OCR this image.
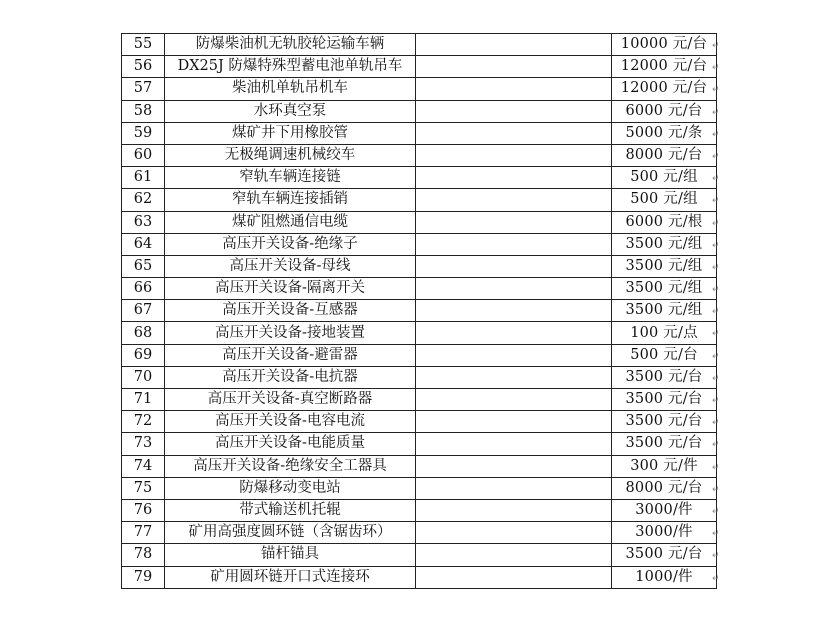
55	防爆柴油机无轨胶轮运输车辆		10000 元/台
56	DX25J 防爆特殊型蓄电池单轨吊车		12000 元/台
57	柴油机单轨吊机车		12000 元/台
58	水环真空泵		6000 元/台
59	煤矿井下用橡胶管		5000 元/条
60	无极绳调速机械绞车		8000 元/台
61	窄轨车辆连接链		500 元/组
62	窄轨车辆连接插销		500 元/组
63	煤矿阻燃通信电缆		6000 元/根
64	高压开关设备-绝缘子		3500 元/组
65	高压开关设备-母线		3500 元/组
66	高压开关设备-隔离开关		3500 元/组
67	高压开关设备-互感器		3500 元/组
68	高压开关设备-接地装置		100 元/点
69	高压开关设备-避雷器		500 元/台
70	高压开关设备-电抗器		3500 元/台
71	高压开关设备-真空断路器		3500 元/台
72	高压开关设备-电容电流		3500 元/台
73	高压开关设备-电能质量		3500 元/台
74	高压开关设备-绝缘安全工器具		300 元/件
75	防爆移动变电站		8000 元/台
76	带式输送机托辊		3000/件
77	矿用高强度圆环链（含锯齿环）		3000/件
78	锚杆锚具		3500 元/台
79	矿用圆环链开口式连接环		1000/件
↵
↵
↵
↵
↵
↵
↵
↵
↵
↵
↵
↵
↵
↵
↵
↵
↵
↵
↵
↵
↵
↵
↵
↵
↵
